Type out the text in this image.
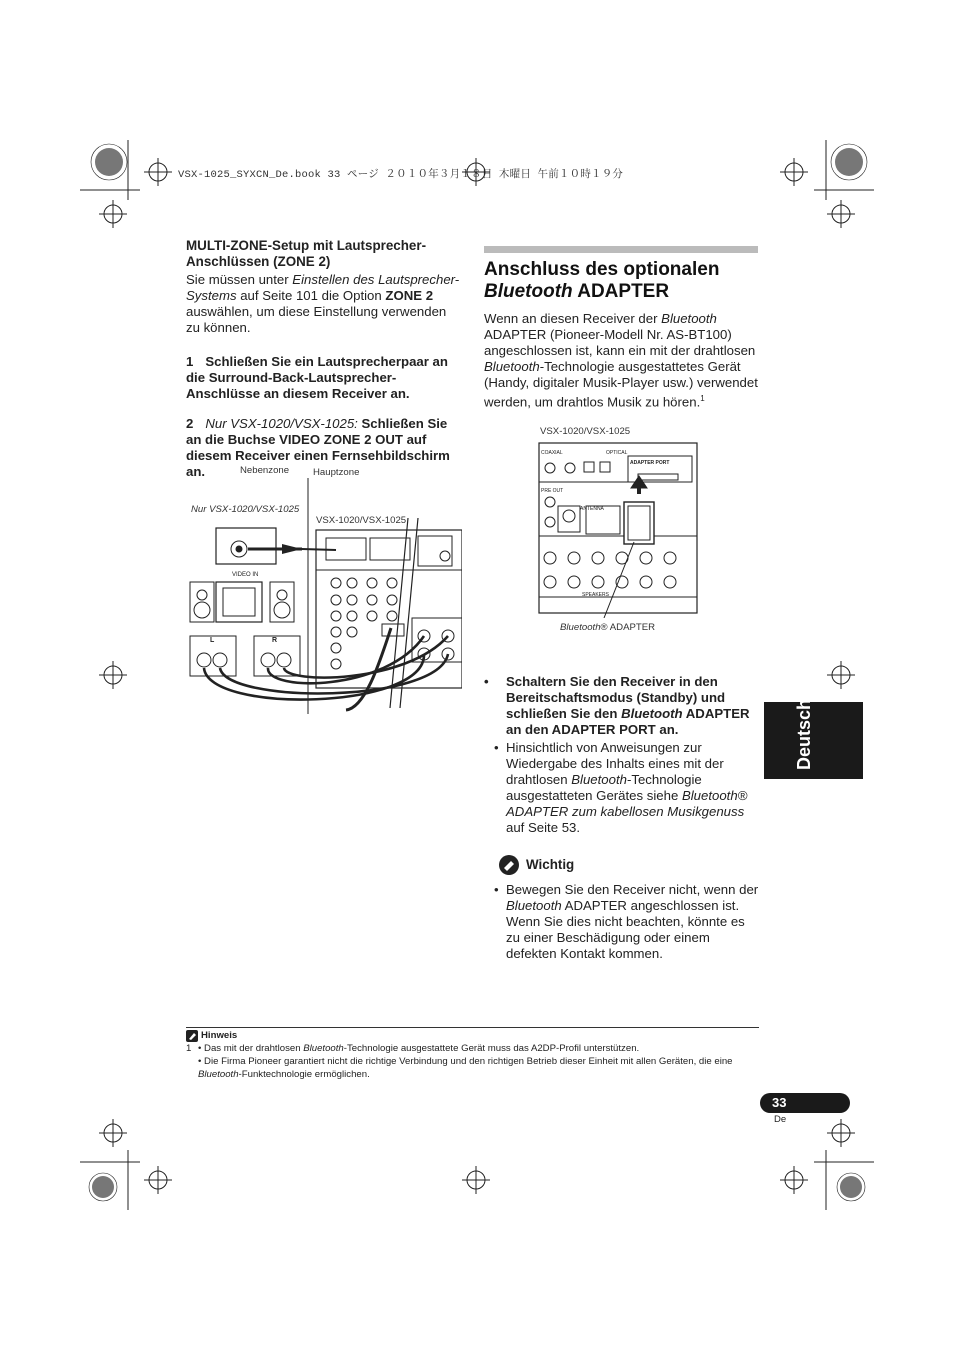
VSX-1025_SYXCN_De.book 33 ページ ２０１０年３月１８日 木曜日 午前１０時１９分
MULTI-ZONE-Setup mit Lautsprecher-Anschlüssen (ZONE 2)

Sie müssen unter Einstellen des Lautsprecher-Systems auf Seite 101 die Option ZONE 2 auswählen, um diese Einstellung verwenden zu können.

1 Schließen Sie ein Lautsprecherpaar an die Surround-Back-Lautsprecher-Anschlüsse an diesem Receiver an.

2 Nur VSX-1020/VSX-1025: Schließen Sie an die Buchse VIDEO ZONE 2 OUT auf diesem Receiver einen Fernsehbildschirm an.	Nebenzone Hauptzone
Nur VSX-1020/VSX-1025
VSX-1020/VSX-1025
VIDEO IN
L	R
Anschluss des optionalen
Bluetooth ADAPTER

Wenn an diesen Receiver der Bluetooth ADAPTER (Pioneer-Modell Nr. AS-BT100) angeschlossen ist, kann ein mit der drahtlosen Bluetooth-Technologie ausgestattetes Gerät (Handy, digitaler Musik-Player usw.) verwendet werden, um drahtlos Musik zu hören.$^1$

• Schaltern Sie den Receiver in den Bereitschaftsmodus (Standby) und schließen Sie den Bluetooth ADAPTER an den ADAPTER PORT an.

• Hinsichtlich von Anweisungen zur Wiedergabe des Inhalts eines mit der drahtlosen Bluetooth-Technologie ausgestatteten Gerätes siehe Bluetooth® ADAPTER zum kabellosen Musikgenuss auf Seite 53.

Wichtig

• Bewegen Sie den Receiver nicht, wenn der Bluetooth ADAPTER angeschlossen ist. Wenn Sie dies nicht beachten, könnte es zu einer Beschädigung oder einem defekten Kontakt kommen.

VSX-1020/VSX-1025
Bluetooth® ADAPTER
COAXIAL	OPTICAL
ADAPTER PORT
PRE OUT
ANTENNA
SPEAKERS
Deutsch
Hinweis
1 • Das mit der drahtlosen Bluetooth-Technologie ausgestattete Gerät muss das A2DP-Profil unterstützen.
• Die Firma Pioneer garantiert nicht die richtige Verbindung und den richtigen Betrieb dieser Einheit mit allen Geräten, die eine Bluetooth-Funktechnologie ermöglichen.
33
De
